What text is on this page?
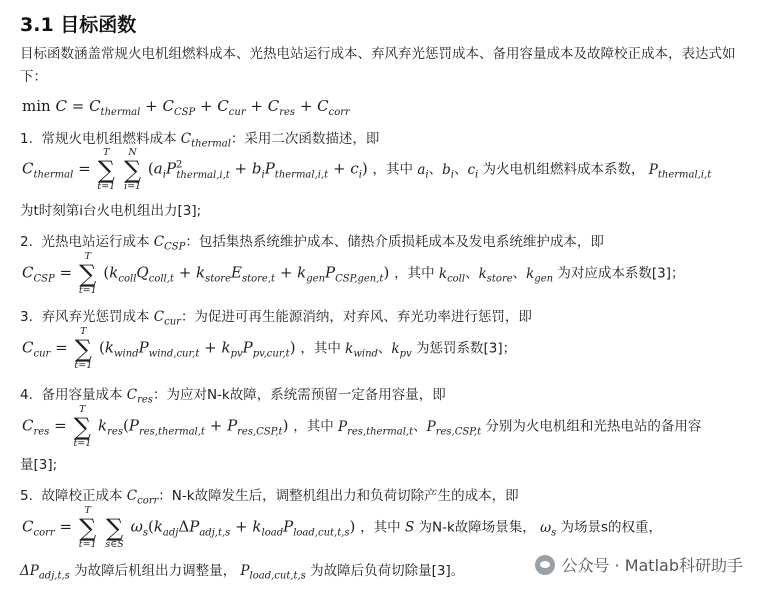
3.1 目标函数
目标函数涵盖常规火电机组燃料成本、光热电站运行成本、弃风弃光惩罚成本、备用容量成本及故障校正成本，表达式如下：
$\min C = C_{thermal} + C_{CSP} + C_{cur} + C_{res} + C_{corr}$
1.  常规火电机组燃料成本 $C_{thermal}$：采用二次函数描述，即
$C_{thermal}$ =
T
∑
t=1

N
∑
i=1
$(a_iP^2_{thermal,i,t} + b_iP_{thermal,i,t} + c_i)$ ，其中 $a_i$、$b_i$、$c_i$ 为火电机组燃料成本系数， $P_{thermal,i,t}$
为t时刻第i台火电机组出力[3];
2.  光热电站运行成本 $C_{CSP}$：包括集热系统维护成本、储热介质损耗成本及发电系统维护成本，即
$C_{CSP}$ =
T
∑
t=1
$(k_{coll}Q_{coll,t} + k_{store}E_{store,t} + k_{gen}P_{CSP,gen,t})$ ，其中 $k_{coll}$、$k_{store}$、$k_{gen}$ 为对应成本系数[3]；
3.  弃风弃光惩罚成本 $C_{cur}$：为促进可再生能源消纳，对弃风、弃光功率进行惩罚，即
$C_{cur}$ =
T
∑
t=1
$(k_{wind}P_{wind,cur,t} + k_{pv}P_{pv,cur,t})$ ，其中 $k_{wind}$、$k_{pv}$ 为惩罚系数[3]；
4.  备用容量成本 $C_{res}$：为应对N-k故障，系统需预留一定备用容量，即
$C_{res}$ =
T
∑
t=1
$k_{res}(P_{res,thermal,t} + P_{res,CSP,t})$ ，其中 $P_{res,thermal,t}$、$P_{res,CSP,t}$ 分别为火电机组和光热电站的备用容
量[3];
5.  故障校正成本 $C_{corr}$：N-k故障发生后，调整机组出力和负荷切除产生的成本，即
$C_{corr}$ =
T
∑
t=1

∑
s∈S
$\omega_s(k_{adj}\Delta P_{adj,t,s} + k_{load}P_{load,cut,t,s})$ ，其中 S 为N-k故障场景集， $\omega_s$ 为场景s的权重，
$\Delta P_{adj,t,s}$ 为故障后机组出力调整量， $P_{load,cut,t,s}$ 为故障后负荷切除量[3]。	公众号 · Matlab科研助手
